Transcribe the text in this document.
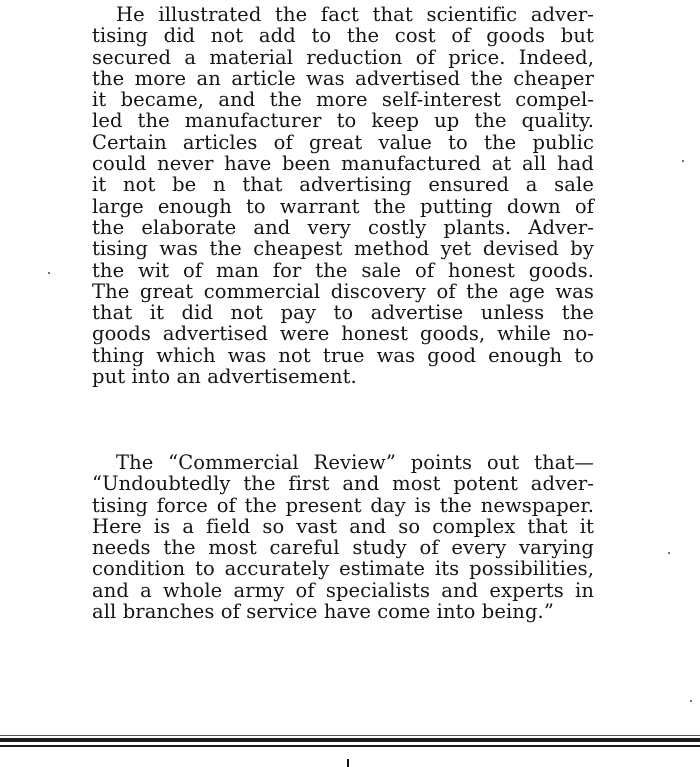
He illustrated the fact that scientific adver-
tising did not add to the cost of goods but
secured a material reduction of price. Indeed,
the more an article was advertised the cheaper
it became, and the more self-interest compel-
led the manufacturer to keep up the quality.
Certain articles of great value to the public
could never have been manufactured at all had
it not be n that advertising ensured a sale
large enough to warrant the putting down of
the elaborate and very costly plants. Adver-
tising was the cheapest method yet devised by
the wit of man for the sale of honest goods.
The great commercial discovery of the age was
that it did not pay to advertise unless the
goods advertised were honest goods, while no-
thing which was not true was good enough to
put into an advertisement.
The “Commercial Review” points out that—
“Undoubtedly the first and most potent adver-
tising force of the present day is the newspaper.
Here is a field so vast and so complex that it
needs the most careful study of every varying
condition to accurately estimate its possibilities,
and a whole army of specialists and experts in
all branches of service have come into being.”
